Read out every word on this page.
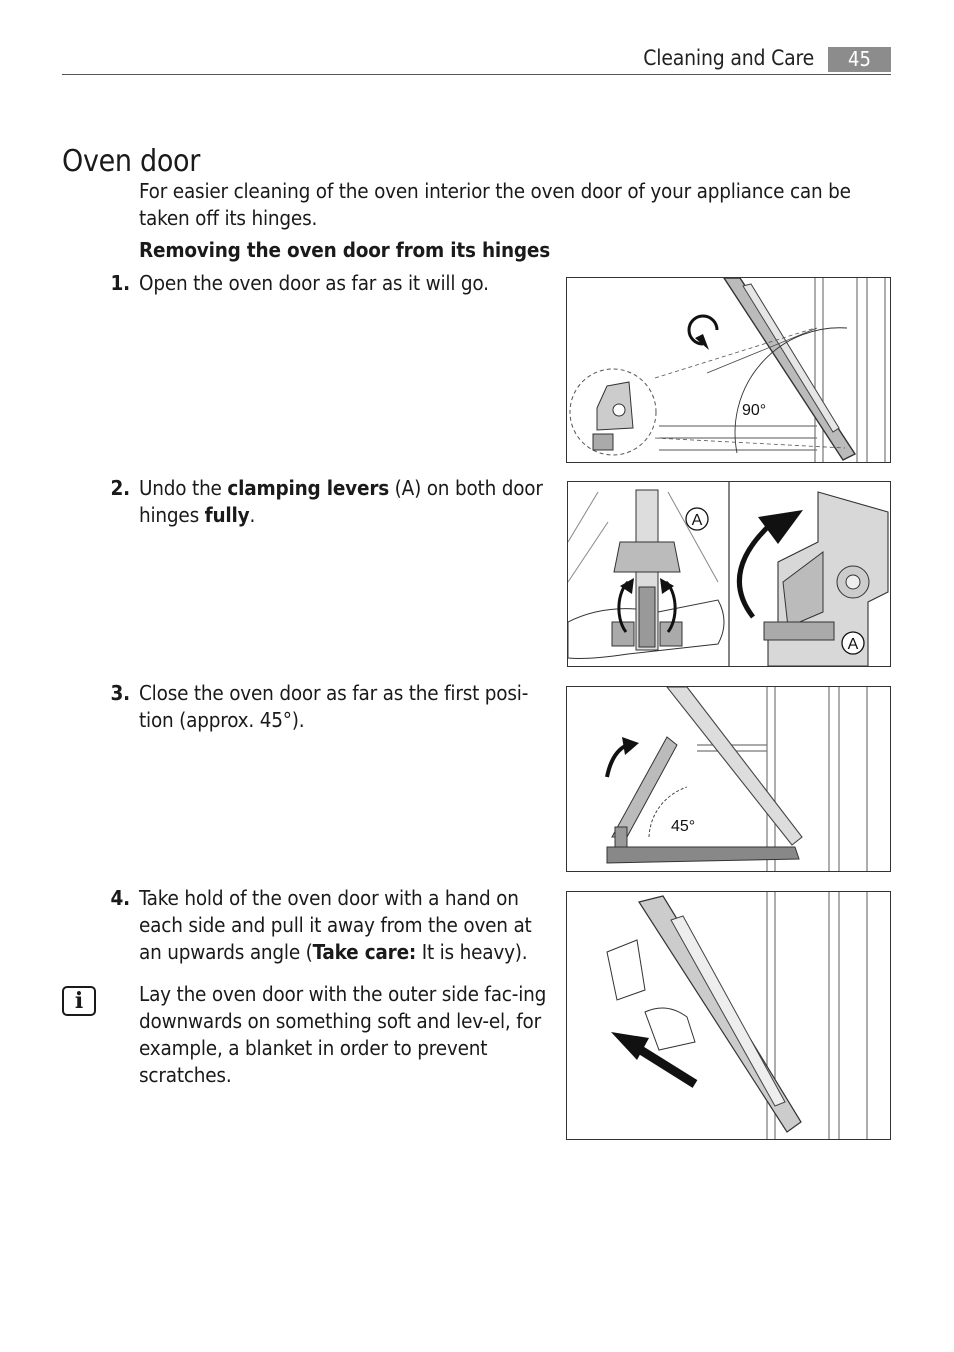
Cleaning and Care	45
Oven door
For easier cleaning of the oven interior the oven door of your appliance can be taken off its hinges.
Removing the oven door from its hinges
1. Open the oven door as far as it will go.
2. Undo the clamping levers (A) on both door hinges fully.
3. Close the oven door as far as the first posi-tion (approx. 45°).
4. Take hold of the oven door with a hand on each side and pull it away from the oven at an upwards angle (Take care: It is heavy).
i	Lay the oven door with the outer side fac-ing downwards on something soft and lev-el, for example, a blanket in order to prevent scratches.
90°
A
A
45°
